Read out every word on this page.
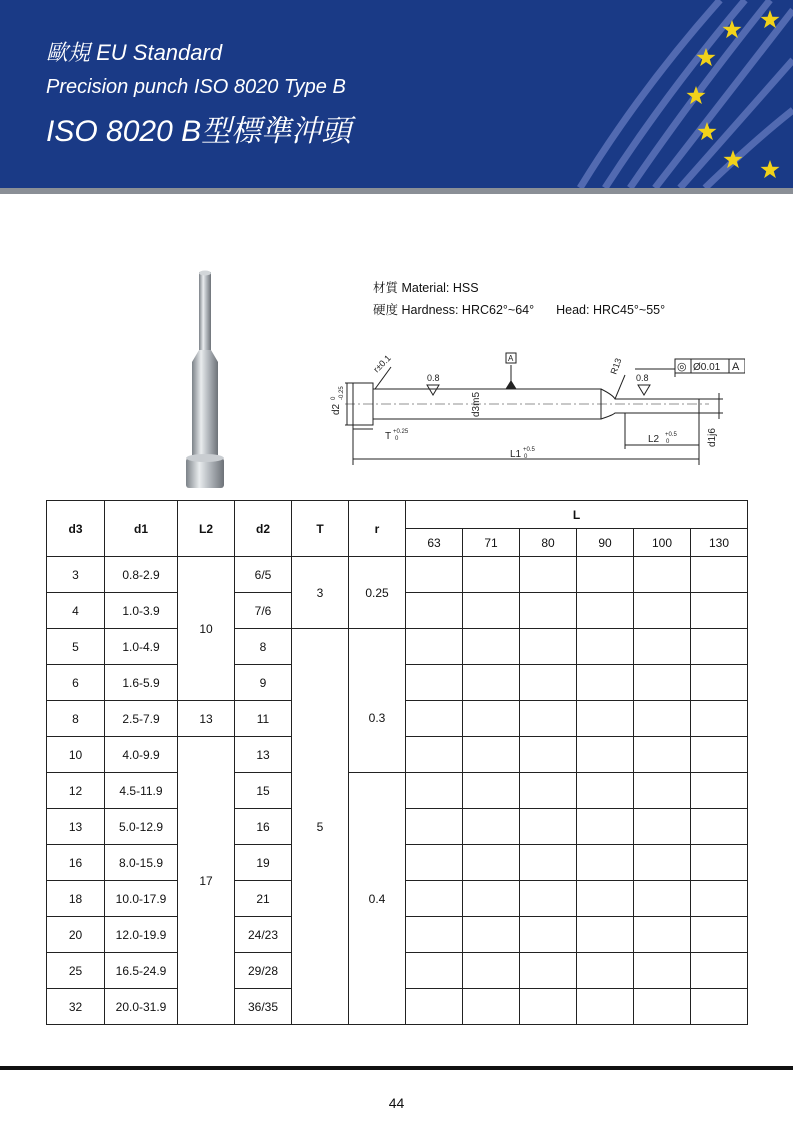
歐規 EU Standard
Precision punch ISO 8020 Type B
ISO 8020 B型標準沖頭
材質 Material: HSS
硬度 Hardness: HRC62°~64° Head: HRC45°~55°
r±0.1
0.8
A	R13
0.8
◎ Ø0.01 A
d2
0 -0.25	d3m5
T +0.25
0	L2 +0.5
0	d1j6
L1 +0.5
0
d3	d1	L2	d2	T	r	L					
						63	71	80	90	100	130
3	0.8-2.9	10	6/5	3	0.25						
4	1.0-3.9		7/6								
5	1.0-4.9		8	5							
6	1.6-5.9		9		0.3						
8	2.5-7.9	13	11								
10	4.0-9.9	17	13								
12	4.5-11.9		15		0.4						
13	5.0-12.9		16								
16	8.0-15.9		19								
18	10.0-17.9		21								
20	12.0-19.9		24/23								
25	16.5-24.9		29/28								
32	20.0-31.9		36/35								
44
